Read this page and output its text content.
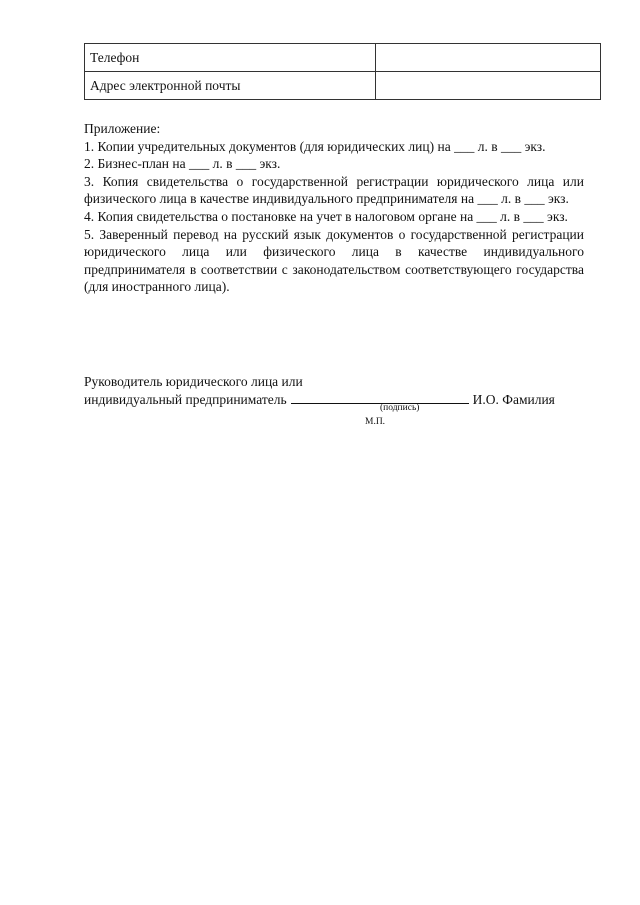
Телефон	
Адрес электронной почты	
Приложение:
1. Копии учредительных документов (для юридических лиц) на ___ л. в ___ экз.
2. Бизнес-план на ___ л. в ___ экз.
3. Копия свидетельства о государственной регистрации юридического лица или физического лица в качестве индивидуального предпринимателя на ___ л. в ___ экз.
4. Копия свидетельства о постановке на учет в налоговом органе на ___ л. в ___ экз.
5. Заверенный перевод на русский язык документов о государственной регистрации юридического лица или физического лица в качестве индивидуального предпринимателя в соответствии с законодательством соответствующего государства (для иностранного лица).
Руководитель юридического лица или
индивидуальный предприниматель	И.О. Фамилия
(подпись)
М.П.
